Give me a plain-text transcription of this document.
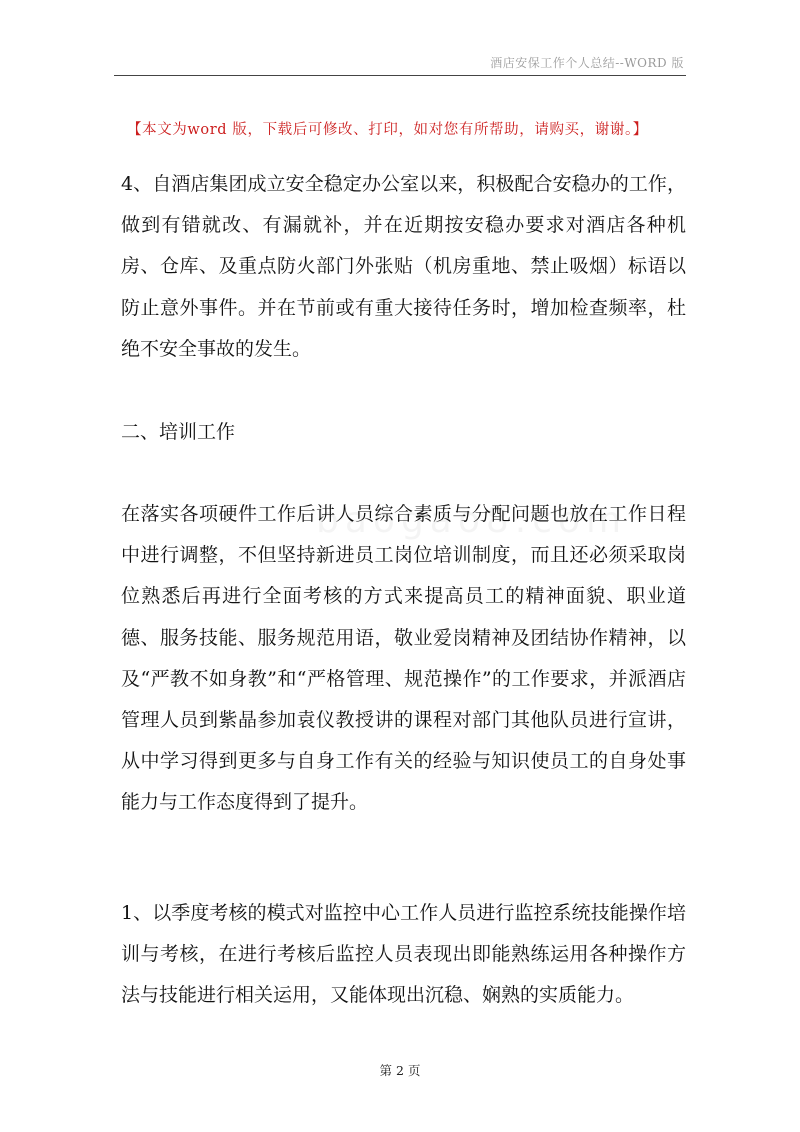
酒店安保工作个人总结--WORD 版
【本文为word 版，下载后可修改、打印，如对您有所帮助，请购买，谢谢。】
4、自酒店集团成立安全稳定办公室以来，积极配合安稳办的工作，做到有错就改、有漏就补，并在近期按安稳办要求对酒店各种机房、仓库、及重点防火部门外张贴（机房重地、禁止吸烟）标语以防止意外事件。并在节前或有重大接待任务时，增加检查频率，杜绝不安全事故的发生。
二、培训工作
在落实各项硬件工作后讲人员综合素质与分配问题也放在工作日程中进行调整，不但坚持新进员工岗位培训制度，而且还必须采取岗位熟悉后再进行全面考核的方式来提高员工的精神面貌、职业道德、服务技能、服务规范用语，敬业爱岗精神及团结协作精神，以及“严教不如身教”和“严格管理、规范操作”的工作要求，并派酒店管理人员到紫晶参加袁仪教授讲的课程对部门其他队员进行宣讲，从中学习得到更多与自身工作有关的经验与知识使员工的自身处事能力与工作态度得到了提升。
1、以季度考核的模式对监控中心工作人员进行监控系统技能操作培训与考核，在进行考核后监控人员表现出即能熟练运用各种操作方法与技能进行相关运用，又能体现出沉稳、娴熟的实质能力。
第 2 页
